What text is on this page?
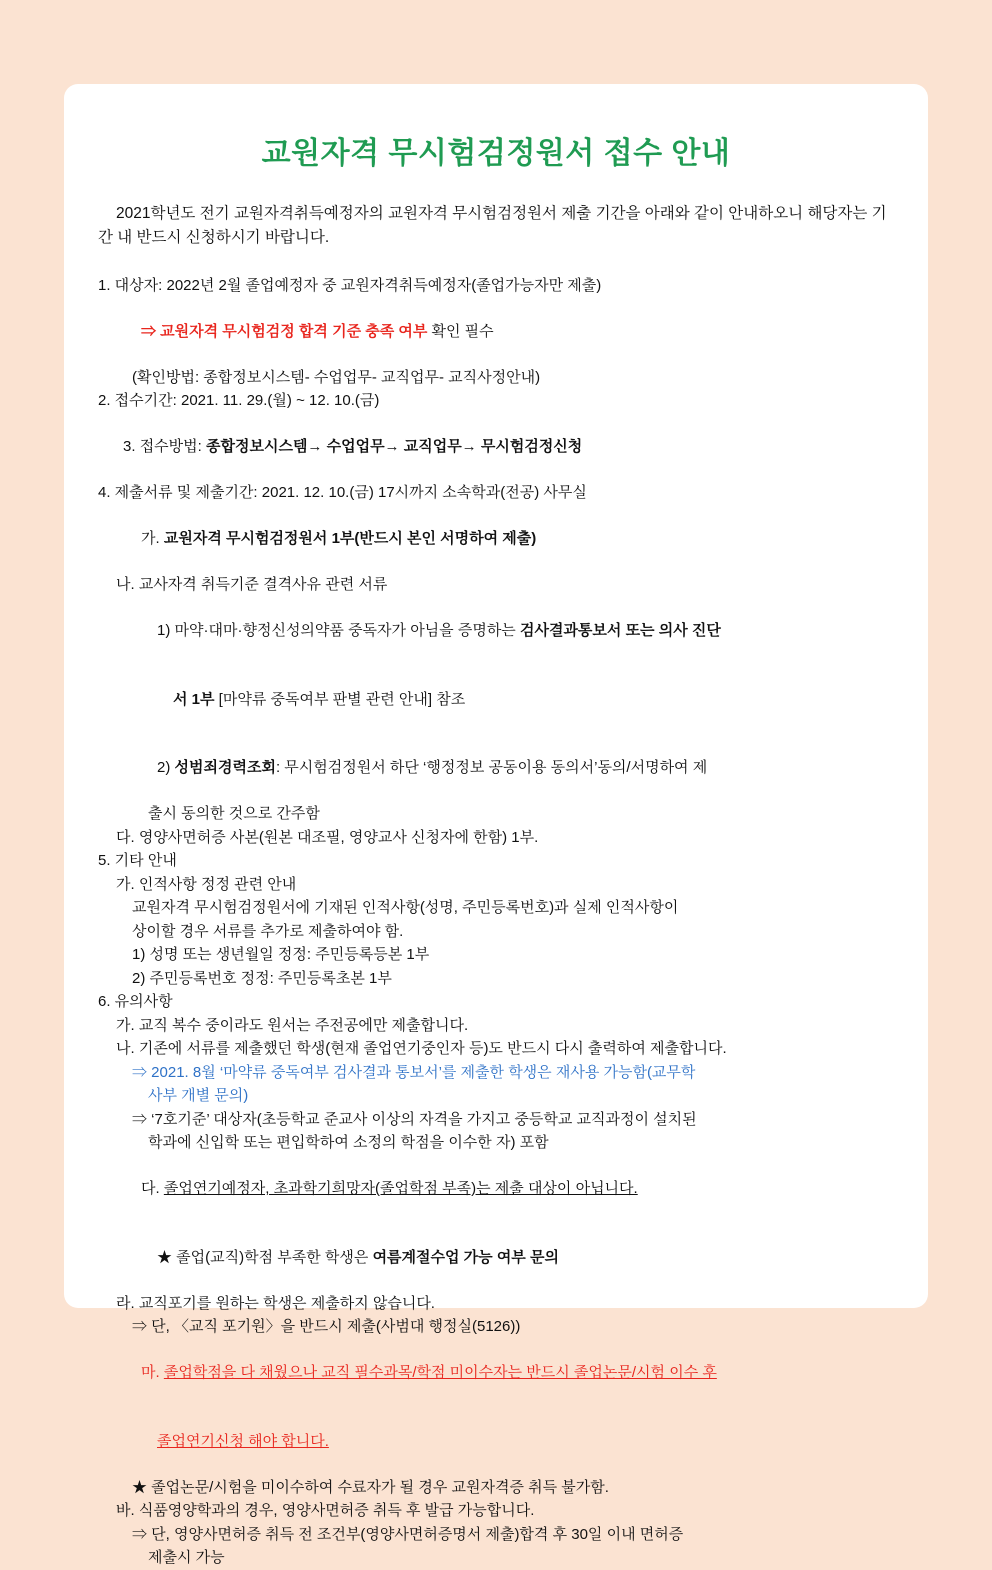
교원자격 무시험검정원서 접수 안내

2021학년도 전기 교원자격취득예정자의 교원자격 무시험검정원서 제출 기간을 아래와 같이 안내하오니 해당자는 기간 내 반드시 신청하시기 바랍니다.

1. 대상자: 2022년 2월 졸업예정자 중 교원자격취득예정자(졸업가능자만 제출)

⇒ 교원자격 무시험검정 합격 기준 충족 여부 확인 필수

(확인방법: 종합정보시스템- 수업업무- 교직업무- 교직사정안내)
2. 접수기간: 2021. 11. 29.(월) ~ 12. 10.(금)

3. 접수방법: 종합정보시스템→ 수업업무→ 교직업무→ 무시험검정신청

4. 제출서류 및 제출기간: 2021. 12. 10.(금) 17시까지 소속학과(전공) 사무실

가. 교원자격 무시험검정원서 1부(반드시 본인 서명하여 제출)

나. 교사자격 취득기준 결격사유 관련 서류

1) 마약·대마·향정신성의약품 중독자가 아님을 증명하는 검사결과통보서 또는 의사 진단

서 1부 [마약류 중독여부 판별 관련 안내] 참조

2) 성범죄경력조회: 무시험검정원서 하단 ‘행정정보 공동이용 동의서’동의/서명하여 제

출시 동의한 것으로 간주함
다. 영양사면허증 사본(원본 대조필, 영양교사 신청자에 한함) 1부.
5. 기타 안내
가. 인적사항 정정 관련 안내
교원자격 무시험검정원서에 기재된 인적사항(성명, 주민등록번호)과 실제 인적사항이
상이할 경우 서류를 추가로 제출하여야 함.
1) 성명 또는 생년월일 정정: 주민등록등본 1부
2) 주민등록번호 정정: 주민등록초본 1부
6. 유의사항
가. 교직 복수 중이라도 원서는 주전공에만 제출합니다.
나. 기존에 서류를 제출했던 학생(현재 졸업연기중인자 등)도 반드시 다시 출력하여 제출합니다.
⇒ 2021. 8월 ‘마약류 중독여부 검사결과 통보서’를 제출한 학생은 재사용 가능함(교무학
사부 개별 문의)
⇒ ‘7호기준’ 대상자(초등학교 준교사 이상의 자격을 가지고 중등학교 교직과정이 설치된
학과에 신입학 또는 편입학하여 소정의 학점을 이수한 자) 포함

다. 졸업연기예정자, 초과학기희망자(졸업학점 부족)는 제출 대상이 아닙니다.

★ 졸업(교직)학점 부족한 학생은 여름계절수업 가능 여부 문의

라. 교직포기를 원하는 학생은 제출하지 않습니다.
⇒ 단, 〈교직 포기원〉을 반드시 제출(사범대 행정실(5126))

마. 졸업학점을 다 채웠으나 교직 필수과목/학점 미이수자는 반드시 졸업논문/시험 이수 후

졸업연기신청 해야 합니다.

★ 졸업논문/시험을 미이수하여 수료자가 될 경우 교원자격증 취득 불가함.
바. 식품영양학과의 경우, 영양사면허증 취득 후 발급 가능합니다.
⇒ 단, 영양사면허증 취득 전 조건부(영양사면허증명서 제출)합격 후 30일 이내 면허증
제출시 가능
